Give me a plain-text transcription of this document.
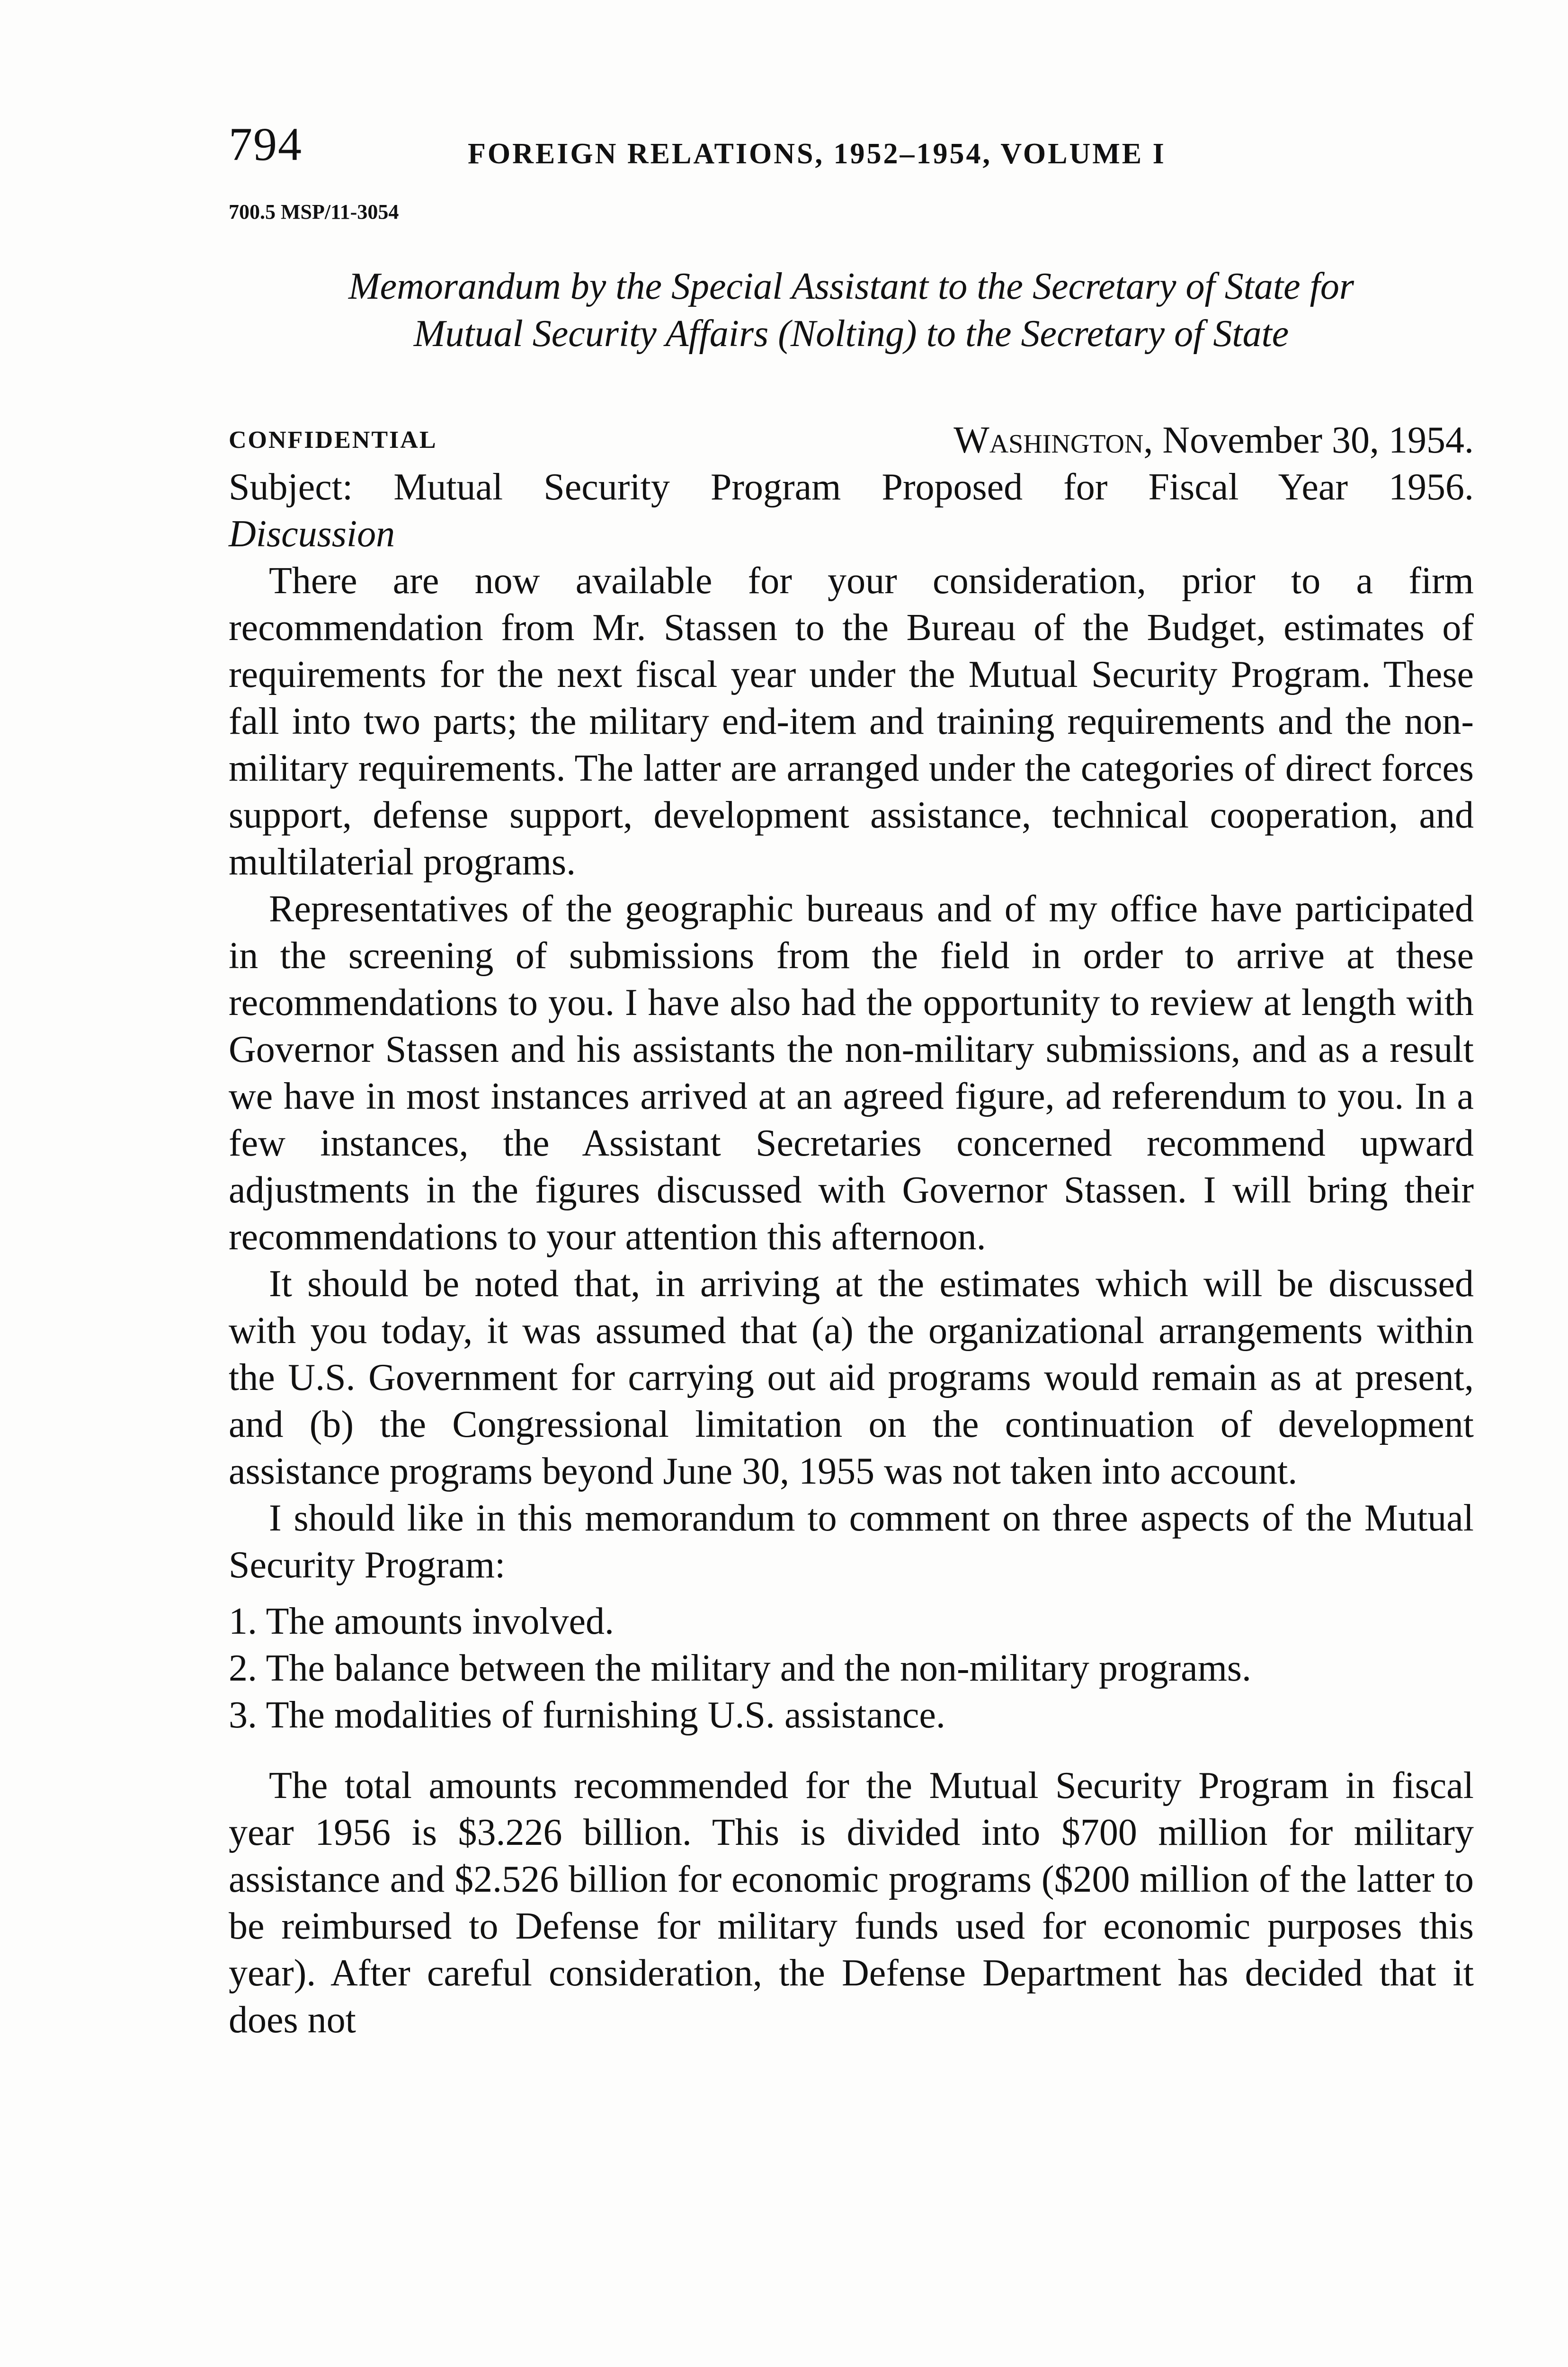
794	FOREIGN RELATIONS, 1952–1954, VOLUME I
700.5 MSP/11-3054
Memorandum by the Special Assistant to the Secretary of State for
Mutual Security Affairs (Nolting) to the Secretary of State
CONFIDENTIAL	Washington, November 30, 1954.

Subject: Mutual Security Program Proposed for Fiscal Year 1956.

Discussion

There are now available for your consideration, prior to a firm recommendation from Mr. Stassen to the Bureau of the Budget, estimates of requirements for the next fiscal year under the Mutual Security Program. These fall into two parts; the military end-item and training requirements and the non-military requirements. The latter are arranged under the categories of direct forces support, defense support, development assistance, technical cooperation, and multilaterial programs.

Representatives of the geographic bureaus and of my office have participated in the screening of submissions from the field in order to arrive at these recommendations to you. I have also had the opportunity to review at length with Governor Stassen and his assistants the non-military submissions, and as a result we have in most instances arrived at an agreed figure, ad referendum to you. In a few instances, the Assistant Secretaries concerned recommend upward adjustments in the figures discussed with Governor Stassen. I will bring their recommendations to your attention this afternoon.

It should be noted that, in arriving at the estimates which will be discussed with you today, it was assumed that (a) the organizational arrangements within the U.S. Government for carrying out aid programs would remain as at present, and (b) the Congressional limitation on the continuation of development assistance programs beyond June 30, 1955 was not taken into account.

I should like in this memorandum to comment on three aspects of the Mutual Security Program:

1. The amounts involved.
2. The balance between the military and the non-military programs.
3. The modalities of furnishing U.S. assistance.

The total amounts recommended for the Mutual Security Program in fiscal year 1956 is $3.226 billion. This is divided into $700 million for military assistance and $2.526 billion for economic programs ($200 million of the latter to be reimbursed to Defense for military funds used for economic purposes this year). After careful consideration, the Defense Department has decided that it does not
